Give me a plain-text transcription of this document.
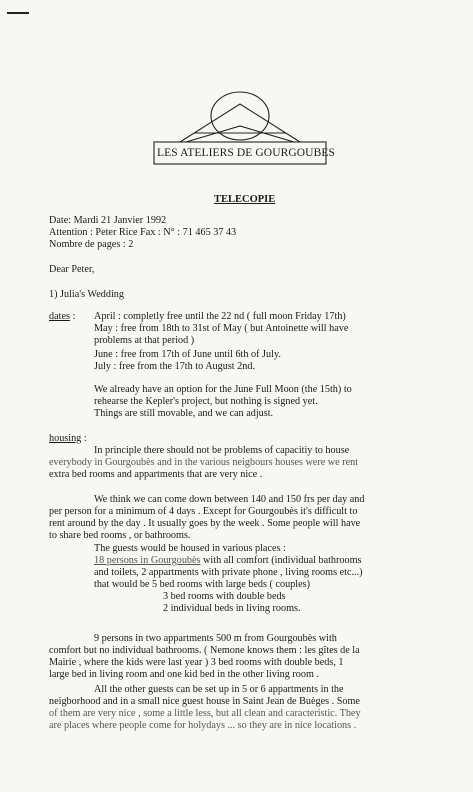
LES ATELIERS DE GOURGOUBES
TELECOPIE
Date: Mardi 21 Janvier 1992
Attention : Peter Rice Fax : N° : 71 465 37 43
Nombre de pages : 2
Dear Peter,
1) Julia's Wedding
dates : April : completly free until the 22 nd ( full moon Friday 17th)
May : free from 18th to 31st of May ( but Antoinette will have
problems at that period )
June : free from 17th of June until 6th of July.
July : free from the 17th to August 2nd.
We already have an option for the June Full Moon (the 15th) to
rehearse the Kepler's project, but nothing is signed yet.
Things are still movable, and we can adjust.
housing :
In principle there should not be problems of capacitiy to house
everybody in Gourgoubès and in the various neigbours houses were we rent
extra bed rooms and appartments that are very nice .
We think we can come down between 140 and 150 frs per day and
per person for a minimum of 4 days . Except for Gourgoubès it's difficult to
rent around by the day . It usually goes by the week . Some people will have
to share bed rooms , or bathrooms.
The guests would be housed in various places :
18 persons in Gourgoubès with all comfort (individual bathrooms
and toilets, 2 appartments with private phone , living rooms etc...)
that would be 5 bed rooms with large beds ( couples)
3 bed rooms with double beds
2 individual beds in living rooms.
9 persons in two appartments 500 m from Gourgoubès with
comfort but no individual bathrooms. ( Nemone knows them : les gîtes de la
Mairie , where the kids were last year ) 3 bed rooms with double beds, 1
large bed in living room and one kid bed in the other living room .
All the other guests can be set up in 5 or 6 appartments in the
neigborhood and in a small nice guest house in Saint Jean de Buèges . Some
of them are very nice , some a little less, but all clean and caracteristic. They
are places where people come for holydays ... so they are in nice locations .
